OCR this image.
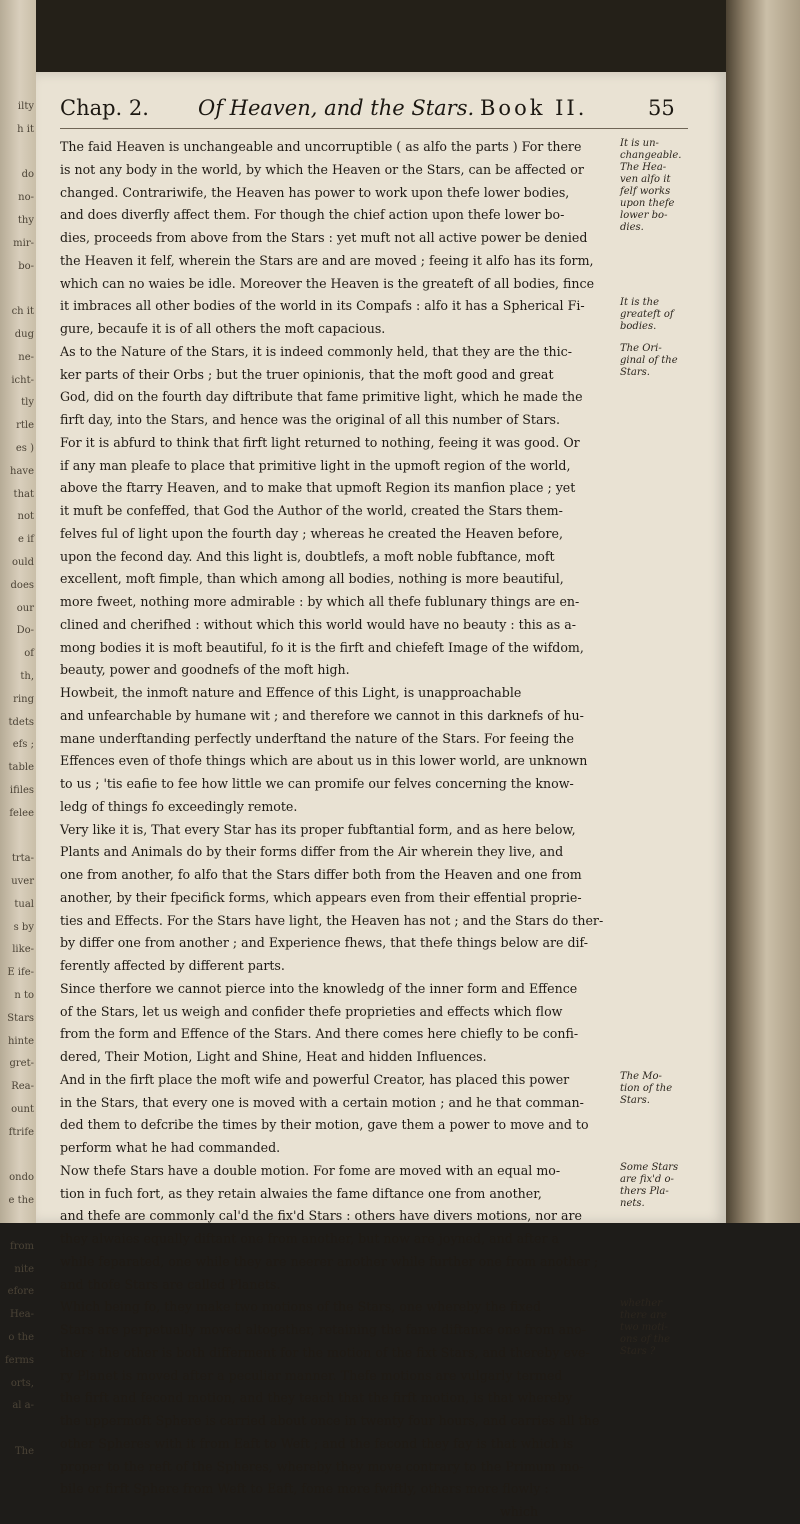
ilty
h it
do
no-
thy
mir-
bo-
ch it
dug
ne-
icht-
tly
rtle
es )
have
that
not
e if
ould
does
our
Do-
of
th,
ring
tdets
efs ;
table
ifiles
felee
trta-
uver
tual
s by
like-
E ife-
n to
Stars
hinte
gret-
Rea-
ount
ftrife
ondo
e the
from
nite
efore
Hea-
o the
ferms
orts,
al a-
The
Chap. 2. Of Heaven, and the Stars. Book II.	55
The faid Heaven is unchangeable and uncorruptible ( as alfo the parts ) For there
is not any body in the world, by which the Heaven or the Stars, can be affected or
changed. Contrariwife, the Heaven has power to work upon thefe lower bodies,
and does diverfly affect them. For though the chief action upon thefe lower bo-
dies, proceeds from above from the Stars : yet muft not all active power be denied
the Heaven it felf, wherein the Stars are and are moved ; feeing it alfo has its form,
which can no waies be idle. Moreover the Heaven is the greateft of all bodies, fince
it imbraces all other bodies of the world in its Compafs : alfo it has a Spherical Fi-
gure, becaufe it is of all others the moft capacious.
As to the Nature of the Stars, it is indeed commonly held, that they are the thic-
ker parts of their Orbs ; but the truer opinionis, that the moft good and great
God, did on the fourth day diftribute that fame primitive light, which he made the
firft day, into the Stars, and hence was the original of all this number of Stars.
For it is abfurd to think that firft light returned to nothing, feeing it was good. Or
if any man pleafe to place that primitive light in the upmoft region of the world,
above the ftarry Heaven, and to make that upmoft Region its manfion place ; yet
it muft be confeffed, that God the Author of the world, created the Stars them-
felves ful of light upon the fourth day ; whereas he created the Heaven before,
upon the fecond day. And this light is, doubtlefs, a moft noble fubftance, moft
excellent, moft fimple, than which among all bodies, nothing is more beautiful,
more fweet, nothing more admirable : by which all thefe fublunary things are en-
clined and cherifhed : without which this world would have no beauty : this as a-
mong bodies it is moft beautiful, fo it is the firft and chiefeft Image of the wifdom,
beauty, power and goodnefs of the moft high.
Howbeit, the inmoft nature and Effence of this Light, is unapproachable
and unfearchable by humane wit ; and therefore we cannot in this darknefs of hu-
mane underftanding perfectly underftand the nature of the Stars. For feeing the
Effences even of thofe things which are about us in this lower world, are unknown
to us ; 'tis eafie to fee how little we can promife our felves concerning the know-
ledg of things fo exceedingly remote.
Very like it is, That every Star has its proper fubftantial form, and as here below,
Plants and Animals do by their forms differ from the Air wherein they live, and
one from another, fo alfo that the Stars differ both from the Heaven and one from
another, by their fpecifick forms, which appears even from their effential proprie-
ties and Effects. For the Stars have light, the Heaven has not ; and the Stars do ther-
by differ one from another ; and Experience fhews, that thefe things below are dif-
ferently affected by different parts.
Since therfore we cannot pierce into the knowledg of the inner form and Effence
of the Stars, let us weigh and confider thefe proprieties and effects which flow
from the form and Effence of the Stars. And there comes here chiefly to be confi-
dered, Their Motion, Light and Shine, Heat and hidden Influences.
And in the firft place the moft wife and powerful Creator, has placed this power
in the Stars, that every one is moved with a certain motion ; and he that comman-
ded them to defcribe the times by their motion, gave them a power to move and to
perform what he had commanded.
Now thefe Stars have a double motion. For fome are moved with an equal mo-
tion in fuch fort, as they retain alwaies the fame diftance one from another,
and thefe are commonly cal'd the fix'd Stars : others have divers motions, nor are
they alwaies equally diftant one from another, but now are joyned, and after a
while feparated, one while they are neerer another while further one from another ;
and thofe Stars are called Planets.
Which being fo, they make two motions of the Stars, one whereby the fixed
Stars are perpetually moved altogether, retaining the fame diftance one from ano-
ther : the other is both differment for the motion of the fixt Stars, and thereby eve-
ry Planet is moved after a peculiar manner. Thefe motions are vulgarly termed
the firft and fecond motion, and they teach that the firft motion, is that whereby
the uppermoft Sphere is carried about once in twenty four hours, and carries all the
other Spheres with it from Eaft to Weft ; and the fecond they fay is that which is
proper to the reft of the Spheres, whereby they move contrary to the Primum mo-
bile or firft Sphere from Weft to Eaft, fome more fwiftly, others more flowly :
which
It is un-
changeable.
The Hea-
ven alfo it
felf works
upon thefe
lower bo-
dies.
It is the
greateft of
bodies.
The Ori-
ginal of the
Stars.
The Mo-
tion of the
Stars.
Some Stars
are fix'd o-
thers Pla-
nets.
whether
there are
two moti-
ons of the
Stars ?
